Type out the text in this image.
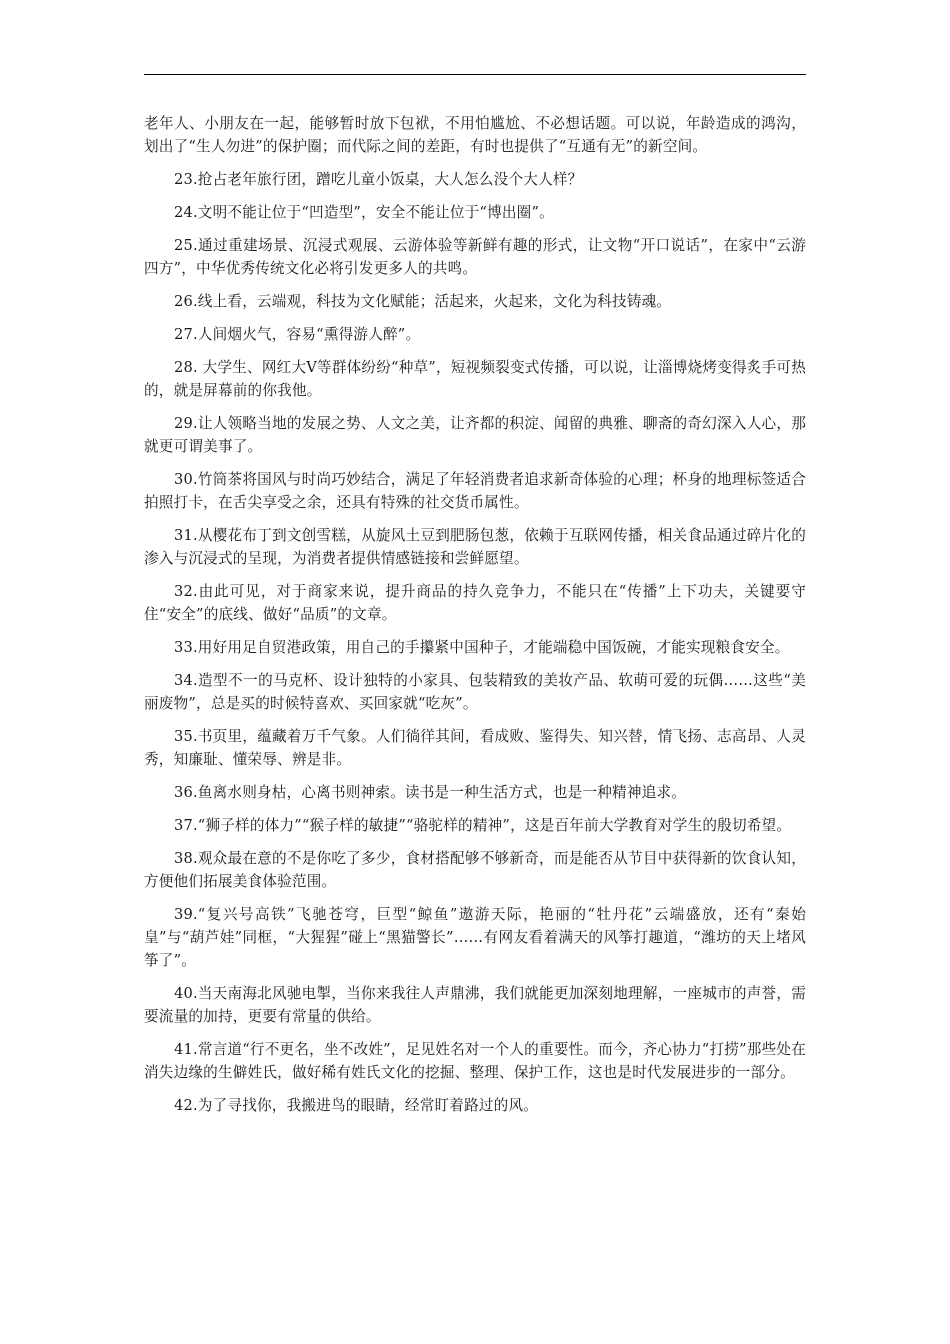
老年人、小朋友在一起，能够暂时放下包袱，不用怕尴尬、不必想话题。可以说，年龄造成的鸿沟，划出了“生人勿进”的保护圈；而代际之间的差距，有时也提供了“互通有无”的新空间。

23.抢占老年旅行团，蹭吃儿童小饭桌，大人怎么没个大人样？

24.文明不能让位于“凹造型”，安全不能让位于“博出圈”。

25.通过重建场景、沉浸式观展、云游体验等新鲜有趣的形式，让文物“开口说话”，在家中“云游四方”，中华优秀传统文化必将引发更多人的共鸣。

26.线上看，云端观，科技为文化赋能；活起来，火起来，文化为科技铸魂。

27.人间烟火气，容易“熏得游人醉”。

28. 大学生、网红大Ⅴ等群体纷纷“种草”，短视频裂变式传播，可以说，让淄博烧烤变得炙手可热的，就是屏幕前的你我他。

29.让人领略当地的发展之势、人文之美，让齐都的积淀、闻留的典雅、聊斋的奇幻深入人心，那就更可谓美事了。

30.竹筒茶将国风与时尚巧妙结合，满足了年轻消费者追求新奇体验的心理；杯身的地理标签适合拍照打卡，在舌尖享受之余，还具有特殊的社交货币属性。

31.从樱花布丁到文创雪糕，从旋风土豆到肥肠包葱，依赖于互联网传播，相关食品通过碎片化的渗入与沉浸式的呈现，为消费者提供情感链接和尝鲜愿望。

32.由此可见，对于商家来说，提升商品的持久竞争力，不能只在“传播”上下功夫，关键要守住“安全”的底线、做好“品质”的文章。

33.用好用足自贸港政策，用自己的手攥紧中国种子，才能端稳中国饭碗，才能实现粮食安全。

34.造型不一的马克杯、设计独特的小家具、包装精致的美妆产品、软萌可爱的玩偶……这些“美丽废物”，总是买的时候特喜欢、买回家就“吃灰”。

35.书页里，蕴藏着万千气象。人们徜徉其间，看成败、鉴得失、知兴替，情飞扬、志高昂、人灵秀，知廉耻、懂荣辱、辨是非。

36.鱼离水则身枯，心离书则神索。读书是一种生活方式，也是一种精神追求。

37.“狮子样的体力”“猴子样的敏捷”“骆驼样的精神”，这是百年前大学教育对学生的殷切希望。

38.观众最在意的不是你吃了多少，食材搭配够不够新奇，而是能否从节目中获得新的饮食认知，方便他们拓展美食体验范围。

39.“复兴号高铁”飞驰苍穹，巨型“鲸鱼”遨游天际，艳丽的“牡丹花”云端盛放，还有“秦始皇”与“葫芦娃”同框，“大猩猩”碰上“黑猫警长”……有网友看着满天的风筝打趣道，“潍坊的天上堵风筝了”。

40.当天南海北风驰电掣，当你来我往人声鼎沸，我们就能更加深刻地理解，一座城市的声誉，需要流量的加持，更要有常量的供给。

41.常言道“行不更名，坐不改姓”，足见姓名对一个人的重要性。而今，齐心协力“打捞”那些处在消失边缘的生僻姓氏，做好稀有姓氏文化的挖掘、整理、保护工作，这也是时代发展进步的一部分。

42.为了寻找你，我搬进鸟的眼睛，经常盯着路过的风。
